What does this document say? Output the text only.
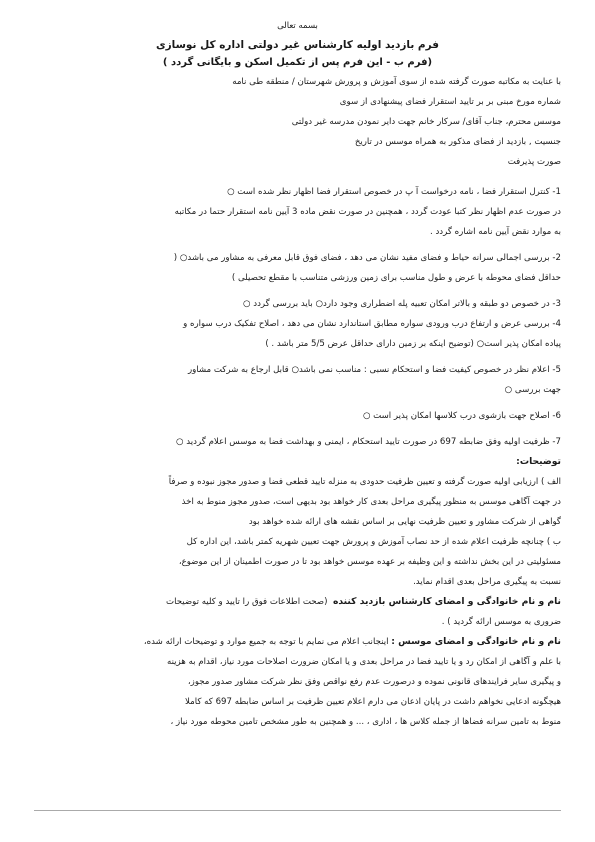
بسمه تعالی
فرم بازدید اولیه کارشناس غیر دولتی اداره کل نوسازی
(فرم ب - این فرم پس از تکمیل اسکن و بایگانی گردد )
با عنایت به مکاتبه صورت گرفته شده از سوی آموزش و پرورش شهرستان / منطقه طی نامه
شماره مورخ مبنی بر بر تایید استقرار فضای پیشنهادی از سوی
موسس محترم، جناب آقای/ سرکار خانم جهت دایر نمودن مدرسه غیر دولتی
جنسیت , بازدید از فضای مذکور به همراه موسس در تاریخ
صورت پذیرفت
1- کنترل استقرار فضا ، نامه درخواست آ پ در خصوص استقرار فضا اظهار نظر شده است ○
در صورت عدم اظهار نظر کتبا عودت گردد ، همچنین در صورت نقض ماده 3 آیین نامه استقرار حتما در مکاتبه
به موارد نقض آیین نامه اشاره گردد .
2- بررسی اجمالی سرانه حیاط و فضای مفید نشان می دهد ، فضای فوق قابل معرفی به مشاور می باشد○ (
حداقل فضای محوطه با عرض و طول مناسب برای زمین ورزشی متناسب با مقطع تحصیلی )
3- در خصوص دو طبقه و بالاتر امکان تعبیه پله اضطراری وجود دارد○ باید بررسی گردد ○
4- بررسی عرض و ارتفاع درب ورودی سواره مطابق استاندارد نشان می دهد ، اصلاح تفکیک درب سواره و
پیاده امکان پذیر است○ (توضیح اینکه بر زمین دارای حداقل عرض 5/5 متر باشد . )
5- اعلام نظر در خصوص کیفیت فضا و استحکام نسبی : مناسب نمی باشد○ قابل ارجاع به شرکت مشاور
جهت بررسی ○
6- اصلاح جهت بازشوی درب کلاسها امکان پذیر است ○
7- ظرفیت اولیه وفق ضابطه 697 در صورت تایید استحکام ، ایمنی و بهداشت فضا به موسس اعلام گردید ○
توضیحات:
الف ) ارزیابی اولیه صورت گرفته و تعیین ظرفیت حدودی به منزله تایید قطعی فضا و صدور مجوز نبوده و صرفاً
در جهت آگاهی موسس به منظور پیگیری مراحل بعدی کار خواهد بود بدیهی است، صدور مجوز منوط به اخذ
گواهی از شرکت مشاور و تعیین ظرفیت نهایی بر اساس نقشه های ارائه شده خواهد بود
ب ) چنانچه ظرفیت اعلام شده از حد نصاب آموزش و پرورش جهت تعیین شهریه کمتر باشد، این اداره کل
مسئولیتی در این بخش نداشته و این وظیفه بر عهده موسس خواهد بود تا در صورت اطمینان از این موضوع،
نسبت به پیگیری مراحل بعدی اقدام نماید.
نام و نام خانوادگی و امضای کارشناس بازدید کننده  (صحت اطلاعات فوق را تایید و کلیه توضیحات
ضروری به موسس ارائه گردید ) .
نام و نام خانوادگی و امضای موسس : اینجانب اعلام می نمایم با توجه به جمیع موارد و توضیحات ارائه شده،
با علم و آگاهی از امکان رد و یا تایید فضا در مراحل بعدی و یا امکان ضرورت اصلاحات مورد نیاز، اقدام به هزینه
و پیگیری سایر فرایندهای قانونی نموده و درصورت عدم رفع نواقص وفق نظر شرکت مشاور صدور مجوز،
هیچگونه ادعایی نخواهم داشت در پایان اذعان می دارم اعلام تعیین ظرفیت بر اساس ضابطه 697 که کاملا
منوط به تامین سرانه فضاها از جمله کلاس ها ، اداری ، ... و همچنین به طور مشخص تامین محوطه مورد نیاز ،
